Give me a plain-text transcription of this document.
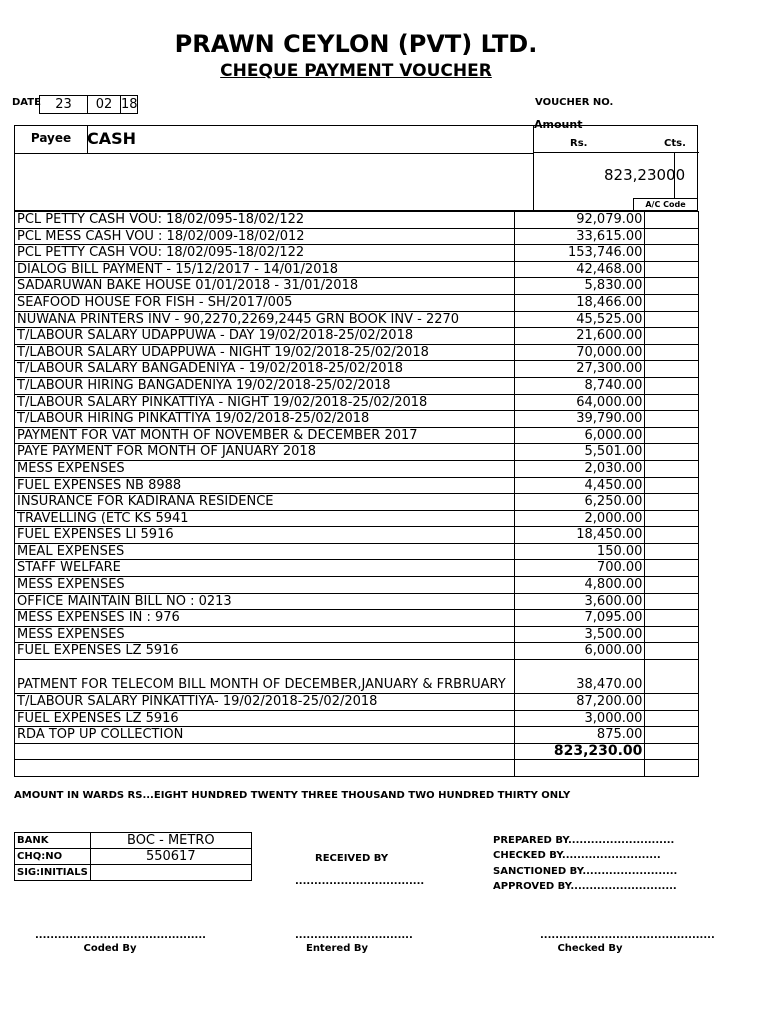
PRAWN CEYLON (PVT) LTD.
CHEQUE PAYMENT VOUCHER
DATE	23	02 18	VOUCHER NO.
Payee CASH
Amount
Rs.	Cts.
823,23000
A/C Code
PCL PETTY CASH VOU: 18/02/095-18/02/122	92,079.00	
PCL MESS CASH VOU : 18/02/009-18/02/012	33,615.00	
PCL PETTY CASH VOU: 18/02/095-18/02/122	153,746.00	
DIALOG BILL PAYMENT - 15/12/2017 - 14/01/2018	42,468.00	
SADARUWAN BAKE HOUSE 01/01/2018 - 31/01/2018	5,830.00	
SEAFOOD HOUSE FOR FISH - SH/2017/005	18,466.00	
NUWANA PRINTERS INV - 90,2270,2269,2445 GRN BOOK INV - 2270	45,525.00	
T/LABOUR SALARY UDAPPUWA - DAY 19/02/2018-25/02/2018	21,600.00	
T/LABOUR SALARY UDAPPUWA - NIGHT 19/02/2018-25/02/2018	70,000.00	
T/LABOUR SALARY BANGADENIYA - 19/02/2018-25/02/2018	27,300.00	
T/LABOUR HIRING BANGADENIYA 19/02/2018-25/02/2018	8,740.00	
T/LABOUR SALARY PINKATTIYA - NIGHT 19/02/2018-25/02/2018	64,000.00	
T/LABOUR HIRING PINKATTIYA 19/02/2018-25/02/2018	39,790.00	
PAYMENT FOR VAT MONTH OF NOVEMBER & DECEMBER 2017	6,000.00	
PAYE PAYMENT FOR MONTH OF JANUARY 2018	5,501.00	
MESS EXPENSES	2,030.00	
FUEL EXPENSES NB 8988	4,450.00	
INSURANCE FOR KADIRANA RESIDENCE	6,250.00	
TRAVELLING (ETC KS 5941	2,000.00	
FUEL EXPENSES LI 5916	18,450.00	
MEAL EXPENSES	150.00	
STAFF WELFARE	700.00	
MESS EXPENSES	4,800.00	
OFFICE MAINTAIN BILL NO : 0213	3,600.00	
MESS EXPENSES IN : 976	7,095.00	
MESS EXPENSES	3,500.00	
FUEL EXPENSES LZ 5916	6,000.00	
PATMENT FOR TELECOM BILL MONTH OF DECEMBER,JANUARY & FRBRUARY	38,470.00	
T/LABOUR SALARY PINKATTIYA- 19/02/2018-25/02/2018	87,200.00	
FUEL EXPENSES LZ 5916	3,000.00	
RDA TOP UP COLLECTION	875.00	
	823,230.00	

AMOUNT IN WARDS RS...EIGHT HUNDRED TWENTY THREE THOUSAND TWO HUNDRED THIRTY ONLY
BANK	BOC - METRO
CHQ:NO	550617
SIG:INITIALS	
RECEIVED BY
..................................
PREPARED BY............................
CHECKED BY..........................
SANCTIONED BY.........................
APPROVED BY............................
.............................................	...............................	..............................................
Coded By	Entered By	Checked By
